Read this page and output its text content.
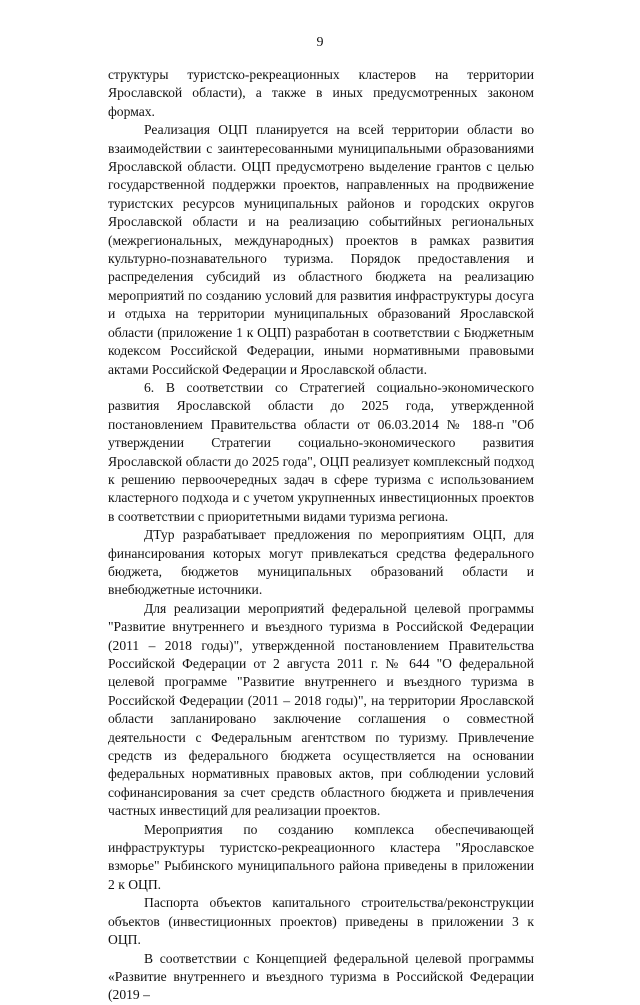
9

структуры туристско-рекреационных кластеров на территории Ярославской области), а также в иных предусмотренных законом формах.

Реализация ОЦП планируется на всей территории области во взаимодействии с заинтересованными муниципальными образованиями Ярославской области. ОЦП предусмотрено выделение грантов с целью государственной поддержки проектов, направленных на продвижение туристских ресурсов муниципальных районов и городских округов Ярославской области и на реализацию событийных региональных (межрегиональных, международных) проектов в рамках развития культурно-познавательного туризма. Порядок предоставления и распределения субсидий из областного бюджета на реализацию мероприятий по созданию условий для развития инфраструктуры досуга и отдыха на территории муниципальных образований Ярославской области (приложение 1 к ОЦП) разработан в соответствии с Бюджетным кодексом Российской Федерации, иными нормативными правовыми актами Российской Федерации и Ярославской области.

6. В соответствии со Стратегией социально-экономического развития Ярославской области до 2025 года, утвержденной постановлением Правительства области от 06.03.2014 № 188-п "Об утверждении Стратегии социально-экономического развития Ярославской области до 2025 года", ОЦП реализует комплексный подход к решению первоочередных задач в сфере туризма с использованием кластерного подхода и с учетом укрупненных инвестиционных проектов в соответствии с приоритетными видами туризма региона.

ДТур разрабатывает предложения по мероприятиям ОЦП, для финансирования которых могут привлекаться средства федерального бюджета, бюджетов муниципальных образований области и внебюджетные источники.

Для реализации мероприятий федеральной целевой программы "Развитие внутреннего и въездного туризма в Российской Федерации (2011 – 2018 годы)", утвержденной постановлением Правительства Российской Федерации от 2 августа 2011 г. № 644 "О федеральной целевой программе "Развитие внутреннего и въездного туризма в Российской Федерации (2011 – 2018 годы)", на территории Ярославской области запланировано заключение соглашения о совместной деятельности с Федеральным агентством по туризму. Привлечение средств из федерального бюджета осуществляется на основании федеральных нормативных правовых актов, при соблюдении условий софинансирования за счет средств областного бюджета и привлечения частных инвестиций для реализации проектов.

Мероприятия по созданию комплекса обеспечивающей инфраструктуры туристско-рекреационного кластера "Ярославское взморье" Рыбинского муниципального района приведены в приложении 2 к ОЦП.

Паспорта объектов капитального строительства/реконструкции объектов (инвестиционных проектов) приведены в приложении 3 к ОЦП.

В соответствии с Концепцией федеральной целевой программы «Развитие внутреннего и въездного туризма в Российской Федерации (2019 –
